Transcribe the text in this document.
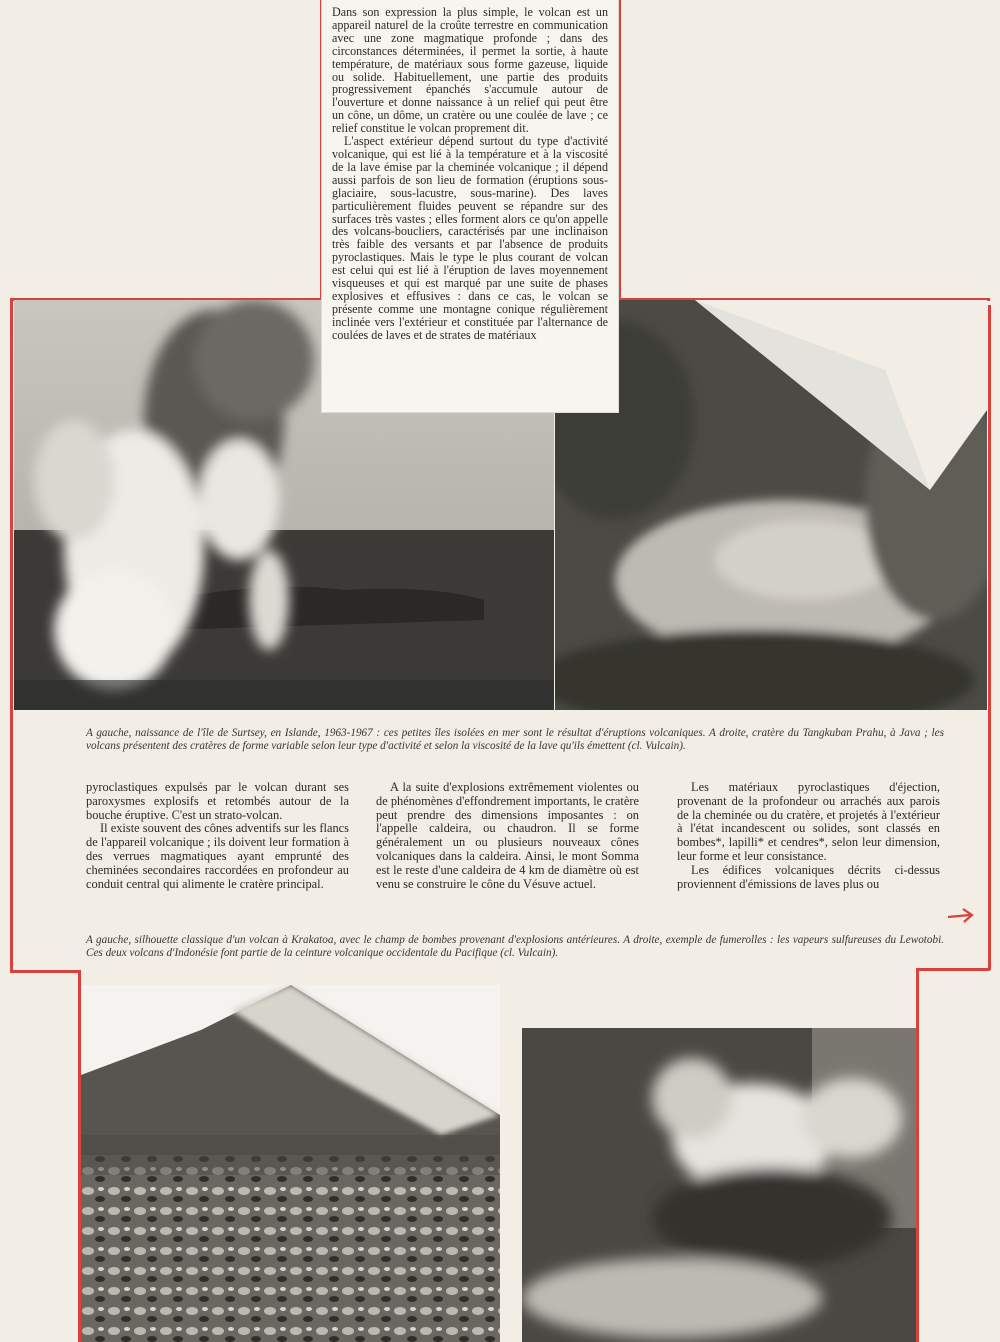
Dans son expression la plus simple, le volcan est un appareil naturel de la croûte terrestre en communication avec une zone magmatique profonde ; dans des circonstances déterminées, il permet la sortie, à haute température, de matériaux sous forme gazeuse, liquide ou solide. Habituellement, une partie des produits progressivement épanchés s'accumule autour de l'ouverture et donne naissance à un relief qui peut être un cône, un dôme, un cratère ou une coulée de lave ; ce relief constitue le volcan proprement dit.

L'aspect extérieur dépend surtout du type d'activité volcanique, qui est lié à la température et à la viscosité de la lave émise par la cheminée volcanique ; il dépend aussi parfois de son lieu de formation (éruptions sous-glaciaire, sous-lacustre, sous-marine). Des laves particulièrement fluides peuvent se répandre sur des surfaces très vastes ; elles forment alors ce qu'on appelle des volcans-boucliers, caractérisés par une inclinaison très faible des versants et par l'absence de produits pyroclastiques. Mais le type le plus courant de volcan est celui qui est lié à l'éruption de laves moyennement visqueuses et qui est marqué par une suite de phases explosives et effusives : dans ce cas, le volcan se présente comme une montagne conique régulièrement inclinée vers l'extérieur et constituée par l'alternance de coulées de laves et de strates de matériaux

A gauche, naissance de l'île de Surtsey, en Islande, 1963-1967 : ces petites îles isolées en mer sont le résultat d'éruptions volcaniques. A droite, cratère du Tangkuban Prahu, à Java ; les volcans présentent des cratères de forme variable selon leur type d'activité et selon la viscosité de la lave qu'ils émettent (cl. Vulcain).

pyroclastiques expulsés par le volcan durant ses paroxysmes explosifs et retombés autour de la bouche éruptive. C'est un strato-volcan.

Il existe souvent des cônes adventifs sur les flancs de l'appareil volcanique ; ils doivent leur formation à des verrues magmatiques ayant emprunté des cheminées secondaires raccordées en profondeur au conduit central qui alimente le cratère principal.

A la suite d'explosions extrêmement violentes ou de phénomènes d'effondrement importants, le cratère peut prendre des dimensions imposantes : on l'appelle caldeira, ou chaudron. Il se forme généralement un ou plusieurs nouveaux cônes volcaniques dans la caldeira. Ainsi, le mont Somma est le reste d'une caldeira de 4 km de diamètre où est venu se construire le cône du Vésuve actuel.

Les matériaux pyroclastiques d'éjection, provenant de la profondeur ou arrachés aux parois de la cheminée ou du cratère, et projetés à l'extérieur à l'état incandescent ou solides, sont classés en bombes*, lapilli* et cendres*, selon leur dimension, leur forme et leur consistance.

Les édifices volcaniques décrits ci-dessus proviennent d'émissions de laves plus ou

A gauche, silhouette classique d'un volcan à Krakatoa, avec le champ de bombes provenant d'explosions antérieures. A droite, exemple de fumerolles : les vapeurs sulfureuses du Lewotobi. Ces deux volcans d'Indonésie font partie de la ceinture volcanique occidentale du Pacifique (cl. Vulcain).
